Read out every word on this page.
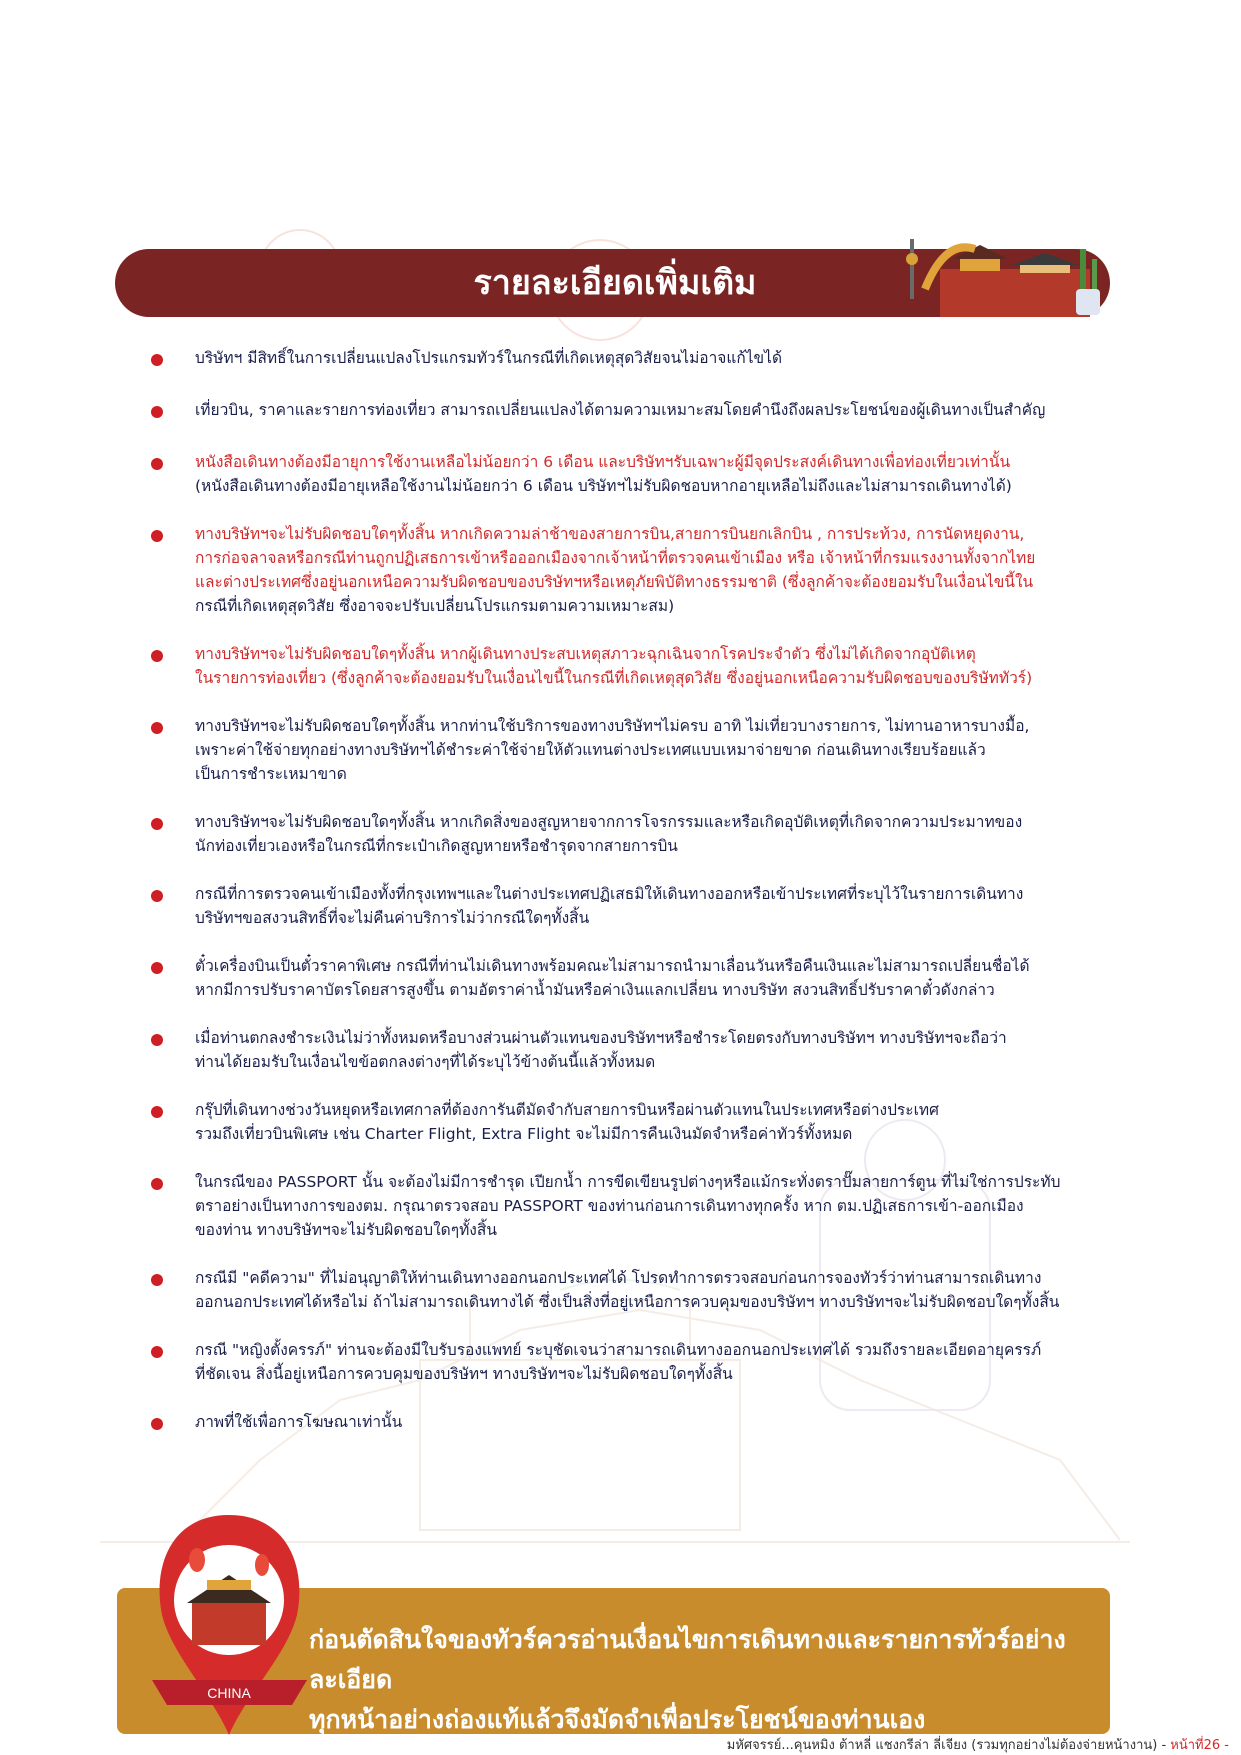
รายละเอียดเพิ่มเติม
บริษัทฯ มีสิทธิ์ในการเปลี่ยนแปลงโปรแกรมทัวร์ในกรณีที่เกิดเหตุสุดวิสัยจนไม่อาจแก้ไขได้
เที่ยวบิน, ราคาและรายการท่องเที่ยว สามารถเปลี่ยนแปลงได้ตามความเหมาะสมโดยคำนึงถึงผลประโยชน์ของผู้เดินทางเป็นสำคัญ
หนังสือเดินทางต้องมีอายุการใช้งานเหลือไม่น้อยกว่า 6 เดือน และบริษัทฯรับเฉพาะผู้มีจุดประสงค์เดินทางเพื่อท่องเที่ยวเท่านั้น
(หนังสือเดินทางต้องมีอายุเหลือใช้งานไม่น้อยกว่า 6 เดือน บริษัทฯไม่รับผิดชอบหากอายุเหลือไม่ถึงและไม่สามารถเดินทางได้)
ทางบริษัทฯจะไม่รับผิดชอบใดๆทั้งสิ้น หากเกิดความล่าช้าของสายการบิน,สายการบินยกเลิกบิน , การประท้วง, การนัดหยุดงาน,
การก่อจลาจลหรือกรณีท่านถูกปฏิเสธการเข้าหรือออกเมืองจากเจ้าหน้าที่ตรวจคนเข้าเมือง หรือ เจ้าหน้าที่กรมแรงงานทั้งจากไทย
และต่างประเทศซึ่งอยู่นอกเหนือความรับผิดชอบของบริษัทฯหรือเหตุภัยพิบัติทางธรรมชาติ (ซึ่งลูกค้าจะต้องยอมรับในเงื่อนไขนี้ใน
กรณีที่เกิดเหตุสุดวิสัย ซึ่งอาจจะปรับเปลี่ยนโปรแกรมตามความเหมาะสม)
ทางบริษัทฯจะไม่รับผิดชอบใดๆทั้งสิ้น หากผู้เดินทางประสบเหตุสภาวะฉุกเฉินจากโรคประจำตัว ซึ่งไม่ได้เกิดจากอุบัติเหตุ
ในรายการท่องเที่ยว (ซึ่งลูกค้าจะต้องยอมรับในเงื่อนไขนี้ในกรณีที่เกิดเหตุสุดวิสัย ซึ่งอยู่นอกเหนือความรับผิดชอบของบริษัททัวร์)
ทางบริษัทฯจะไม่รับผิดชอบใดๆทั้งสิ้น หากท่านใช้บริการของทางบริษัทฯไม่ครบ อาทิ ไม่เที่ยวบางรายการ, ไม่ทานอาหารบางมื้อ,
เพราะค่าใช้จ่ายทุกอย่างทางบริษัทฯได้ชำระค่าใช้จ่ายให้ตัวแทนต่างประเทศแบบเหมาจ่ายขาด ก่อนเดินทางเรียบร้อยแล้ว
เป็นการชำระเหมาขาด
ทางบริษัทฯจะไม่รับผิดชอบใดๆทั้งสิ้น หากเกิดสิ่งของสูญหายจากการโจรกรรมและหรือเกิดอุบัติเหตุที่เกิดจากความประมาทของ
นักท่องเที่ยวเองหรือในกรณีที่กระเป๋าเกิดสูญหายหรือชำรุดจากสายการบิน
กรณีที่การตรวจคนเข้าเมืองทั้งที่กรุงเทพฯและในต่างประเทศปฏิเสธมิให้เดินทางออกหรือเข้าประเทศที่ระบุไว้ในรายการเดินทาง
บริษัทฯขอสงวนสิทธิ์ที่จะไม่คืนค่าบริการไม่ว่ากรณีใดๆทั้งสิ้น
ตั๋วเครื่องบินเป็นตั๋วราคาพิเศษ กรณีที่ท่านไม่เดินทางพร้อมคณะไม่สามารถนำมาเลื่อนวันหรือคืนเงินและไม่สามารถเปลี่ยนชื่อได้
หากมีการปรับราคาบัตรโดยสารสูงขึ้น ตามอัตราค่าน้ำมันหรือค่าเงินแลกเปลี่ยน ทางบริษัท สงวนสิทธิ์ปรับราคาตั๋วดังกล่าว
เมื่อท่านตกลงชำระเงินไม่ว่าทั้งหมดหรือบางส่วนผ่านตัวแทนของบริษัทฯหรือชำระโดยตรงกับทางบริษัทฯ ทางบริษัทฯจะถือว่า
ท่านได้ยอมรับในเงื่อนไขข้อตกลงต่างๆที่ได้ระบุไว้ข้างต้นนี้แล้วทั้งหมด
กรุ๊ปที่เดินทางช่วงวันหยุดหรือเทศกาลที่ต้องการันตีมัดจำกับสายการบินหรือผ่านตัวแทนในประเทศหรือต่างประเทศ
รวมถึงเที่ยวบินพิเศษ เช่น Charter Flight, Extra Flight จะไม่มีการคืนเงินมัดจำหรือค่าทัวร์ทั้งหมด
ในกรณีของ PASSPORT นั้น จะต้องไม่มีการชำรุด เปียกน้ำ การขีดเขียนรูปต่างๆหรือแม้กระทั่งตราปั๊มลายการ์ตูน ที่ไม่ใช่การประทับ
ตราอย่างเป็นทางการของตม. กรุณาตรวจสอบ PASSPORT ของท่านก่อนการเดินทางทุกครั้ง หาก ตม.ปฏิเสธการเข้า-ออกเมือง
ของท่าน ทางบริษัทฯจะไม่รับผิดชอบใดๆทั้งสิ้น
กรณีมี "คดีความ" ที่ไม่อนุญาติให้ท่านเดินทางออกนอกประเทศได้ โปรดทำการตรวจสอบก่อนการจองทัวร์ว่าท่านสามารถเดินทาง
ออกนอกประเทศได้หรือไม่ ถ้าไม่สามารถเดินทางได้ ซึ่งเป็นสิ่งที่อยู่เหนือการควบคุมของบริษัทฯ ทางบริษัทฯจะไม่รับผิดชอบใดๆทั้งสิ้น
กรณี "หญิงตั้งครรภ์" ท่านจะต้องมีใบรับรองแพทย์ ระบุชัดเจนว่าสามารถเดินทางออกนอกประเทศได้ รวมถึงรายละเอียดอายุครรภ์
ที่ชัดเจน สิ่งนี้อยู่เหนือการควบคุมของบริษัทฯ ทางบริษัทฯจะไม่รับผิดชอบใดๆทั้งสิ้น
ภาพที่ใช้เพื่อการโฆษณาเท่านั้น
ก่อนตัดสินใจของทัวร์ควรอ่านเงื่อนไขการเดินทางและรายการทัวร์อย่างละเอียด
ทุกหน้าอย่างถ่องแท้แล้วจึงมัดจำเพื่อประโยชน์ของท่านเอง
CHINA
มหัศจรรย์...คุนหมิง ต้าหลี่ แชงกรีล่า ลี่เจียง (รวมทุกอย่างไม่ต้องจ่ายหน้างาน) - หน้าที่26 -
